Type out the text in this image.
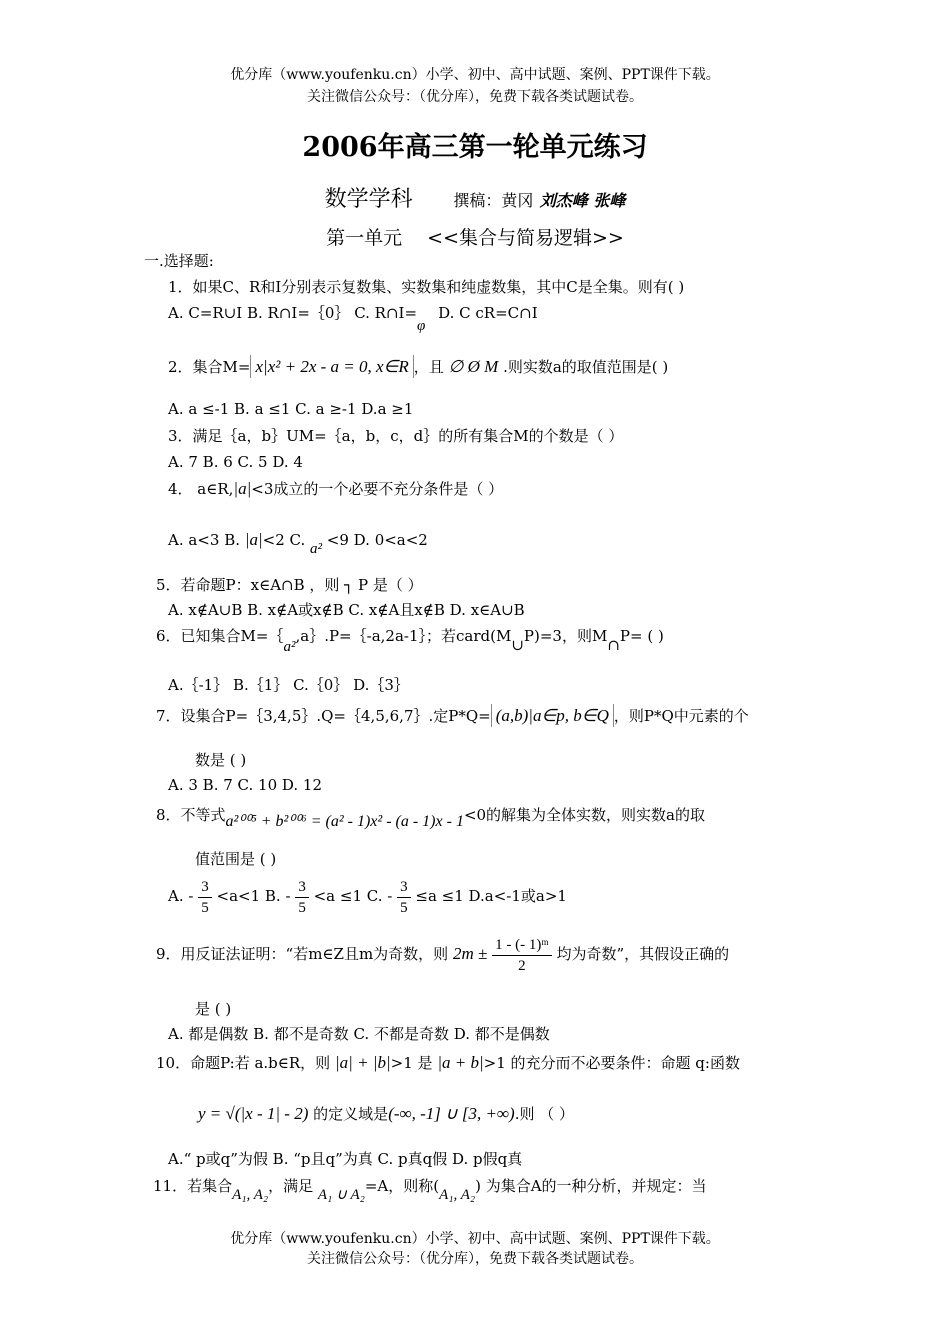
优分库（www.youfenku.cn）小学、初中、高中试题、案例、PPT课件下载。
关注微信公众号：（优分库），免费下载各类试题试卷。
2006年高三第一轮单元练习
数学学科	撰稿：黄冈 刘杰峰 张峰
第一单元　 <<集合与简易逻辑>>
一.选择题:
1．如果C、R和I分别表示复数集、实数集和纯虚数集，其中C是全集。则有( )
A. C=R∪I B. R∩I=｛0｝ C. R∩I=φ D. C cR=C∩I
2．集合M= x|x² + 2x - a = 0, x∈R ，且 ∅ Ø M .则实数a的取值范围是( )
A. a ≤-1 B. a ≤1 C. a ≥-1 D.a ≥1
3．满足｛a，b｝UM=｛a，b，c，d｝的所有集合M的个数是（ ）
A. 7 B. 6 C. 5 D. 4
4． a∈R,|a|<3成立的一个必要不充分条件是（ ）
A. a<3 B. |a|<2 C. a² <9 D. 0<a<2
5．若命题P：x∈A∩B ，则 ┐ P 是（ ）
A. x∉A∪B B. x∉A或x∉B C. x∉A且x∉B D. x∈A∪B
6．已知集合M=｛a²,a｝.P=｛-a,2a-1｝；若card(M∪P)=3，则M∩P= ( )
A.｛-1｝ B.｛1｝ C.｛0｝ D.｛3｝
7．设集合P=｛3,4,5｝.Q=｛4,5,6,7｝.定P*Q= (a,b)|a∈p, b∈Q ，则P*Q中元素的个
数是 ( )
A. 3 B. 7 C. 10 D. 12
8．不等式a²⁰⁰⁵ + b²⁰⁰⁶ = (a² - 1)x² - (a - 1)x - 1<0的解集为全体实数，则实数a的取
值范围是 ( )
A. - $\frac{3}{5} <a<1$ B. - $\frac{3}{5} <a \le 1$ C. - $\frac{3}{5} \le a \le 1$ D.a<-1或a>1
9．用反证法证明：“若m∈Z且m为奇数，则 $2m \pm \frac{\text{1 - (- 1)ᵐ}}{2}$ 均为奇数”，其假设正确的
是 ( )
A. 都是偶数 B. 都不是奇数 C. 不都是奇数 D. 都不是偶数
10．命题P:若 a.b∈R，则 |a| + |b|>1 是 |a + b|>1 的充分而不必要条件：命题 q:函数
y = √(|x - 1| - 2) 的定义域是(-∞, -1] ∪ [3, +∞).则 （ ）
A.“ p或q”为假 B. “p且q”为真 C. p真q假 D. p假q真
11．若集合A₁, A₂，满足 A₁ ∪ A₂=A，则称(A₁, A₂) 为集合A的一种分析，并规定：当
优分库（www.youfenku.cn）小学、初中、高中试题、案例、PPT课件下载。
关注微信公众号：（优分库），免费下载各类试题试卷。
